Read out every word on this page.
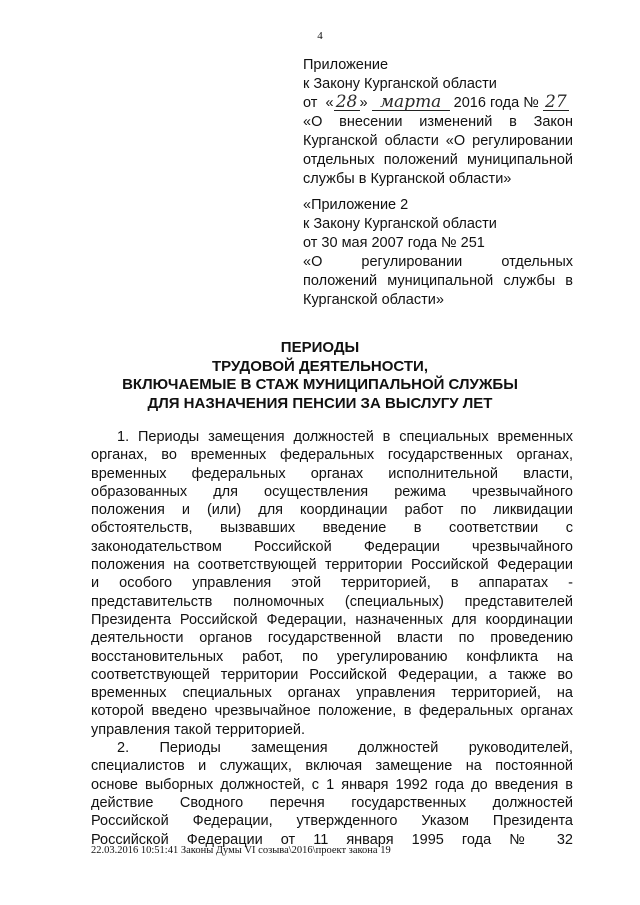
4

Приложение

к Закону Курганской области

от « 28 » марта 2016 года № 27

«О внесении изменений в Закон

Курганской области «О регулировании

отдельных положений муниципальной

службы в Курганской области»

«Приложение 2

к Закону Курганской области

от 30 мая 2007 года № 251

«О регулировании отдельных

положений муниципальной службы в

Курганской области»

ПЕРИОДЫ
ТРУДОВОЙ ДЕЯТЕЛЬНОСТИ,
ВКЛЮЧАЕМЫЕ В СТАЖ МУНИЦИПАЛЬНОЙ СЛУЖБЫ
ДЛЯ НАЗНАЧЕНИЯ ПЕНСИИ ЗА ВЫСЛУГУ ЛЕТ
1. Периоды замещения должностей в специальных временных
органах, во временных федеральных государственных органах,
временных федеральных органах исполнительной власти,
образованных для осуществления режима чрезвычайного
положения и (или) для координации работ по ликвидации
обстоятельств, вызвавших введение в соответствии с
законодательством Российской Федерации чрезвычайного
положения на соответствующей территории Российской Федерации
и особого управления этой территорией, в аппаратах -
представительств полномочных (специальных) представителей
Президента Российской Федерации, назначенных для координации
деятельности органов государственной власти по проведению
восстановительных работ, по урегулированию конфликта на
соответствующей территории Российской Федерации, а также во
временных специальных органах управления территорией, на
которой введено чрезвычайное положение, в федеральных органах
управления такой территорией.
2. Периоды замещения должностей руководителей,
специалистов и служащих, включая замещение на постоянной
основе выборных должностей, с 1 января 1992 года до введения в
действие Сводного перечня государственных должностей
Российской Федерации, утвержденного Указом Президента
Российской Федерации от 11 января 1995 года № 32
22.03.2016 10:51:41 Законы Думы VI созыва\2016\проект закона 19
